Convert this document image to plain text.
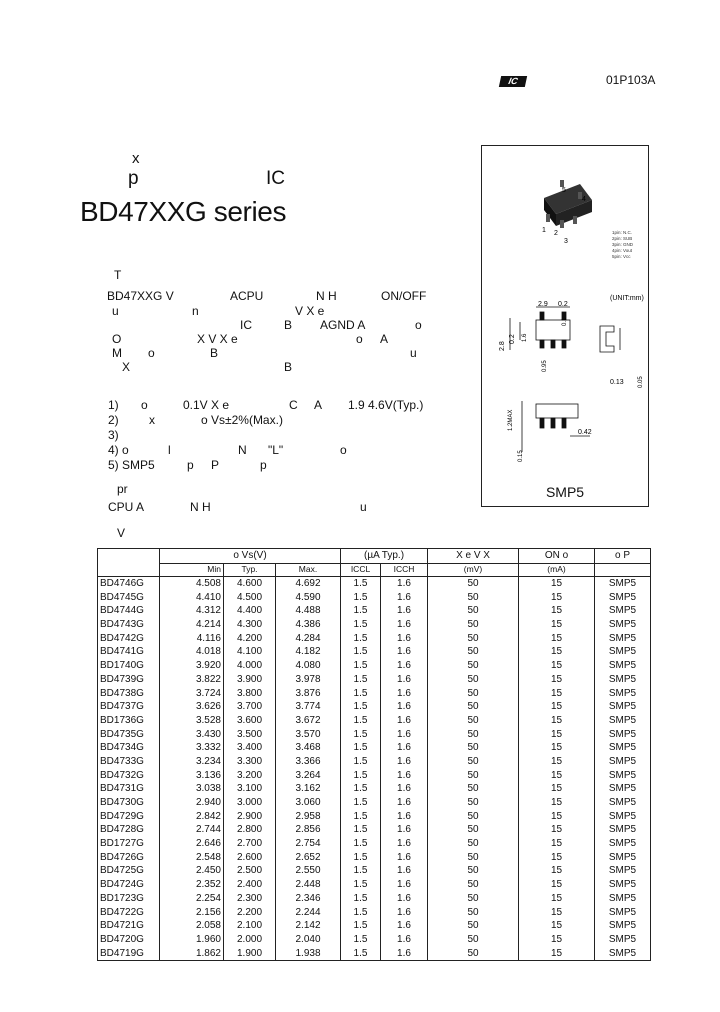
IC	01P103A
x
p	IC
BD47XXG series
T
BD47XXG V	ACPU	N H	ON/OFF
u	n	V X e
IC	B AGND A	o
O	X V X e	o A
M o	B	u
X	B
1) o	0.1V X e	C A 1.9 4.6V(Typ.)
2)	x	o Vs±2%(Max.)
3)
4) o	l	N "L"	o
5) SMP5	p P	p
pr
CPU A	N H	u
V
5
4
1 2
3
1pin: N.C.
2pin: SUB
3pin: GND
4pin: Vout
5pin: Vcc
(UNIT:mm)
2.9 0.2
2.8
0.2 1.6
0.1
0.95
0.13 0.05
1.2MAX
0.42
0.15
SMP5
	o Vs(V)			(µA Typ.)		X e V X	ON o	o P
	Min	Typ.	Max.	ICCL	ICCH	(mV)	(mA)	
BD4746G	4.508	4.600	4.692	1.5	1.6	50	15	SMP5
BD4745G	4.410	4.500	4.590	1.5	1.6	50	15	SMP5
BD4744G	4.312	4.400	4.488	1.5	1.6	50	15	SMP5
BD4743G	4.214	4.300	4.386	1.5	1.6	50	15	SMP5
BD4742G	4.116	4.200	4.284	1.5	1.6	50	15	SMP5
BD4741G	4.018	4.100	4.182	1.5	1.6	50	15	SMP5
BD1740G	3.920	4.000	4.080	1.5	1.6	50	15	SMP5
BD4739G	3.822	3.900	3.978	1.5	1.6	50	15	SMP5
BD4738G	3.724	3.800	3.876	1.5	1.6	50	15	SMP5
BD4737G	3.626	3.700	3.774	1.5	1.6	50	15	SMP5
BD1736G	3.528	3.600	3.672	1.5	1.6	50	15	SMP5
BD4735G	3.430	3.500	3.570	1.5	1.6	50	15	SMP5
BD4734G	3.332	3.400	3.468	1.5	1.6	50	15	SMP5
BD4733G	3.234	3.300	3.366	1.5	1.6	50	15	SMP5
BD4732G	3.136	3.200	3.264	1.5	1.6	50	15	SMP5
BD4731G	3.038	3.100	3.162	1.5	1.6	50	15	SMP5
BD4730G	2.940	3.000	3.060	1.5	1.6	50	15	SMP5
BD4729G	2.842	2.900	2.958	1.5	1.6	50	15	SMP5
BD4728G	2.744	2.800	2.856	1.5	1.6	50	15	SMP5
BD1727G	2.646	2.700	2.754	1.5	1.6	50	15	SMP5
BD4726G	2.548	2.600	2.652	1.5	1.6	50	15	SMP5
BD4725G	2.450	2.500	2.550	1.5	1.6	50	15	SMP5
BD4724G	2.352	2.400	2.448	1.5	1.6	50	15	SMP5
BD1723G	2.254	2.300	2.346	1.5	1.6	50	15	SMP5
BD4722G	2.156	2.200	2.244	1.5	1.6	50	15	SMP5
BD4721G	2.058	2.100	2.142	1.5	1.6	50	15	SMP5
BD4720G	1.960	2.000	2.040	1.5	1.6	50	15	SMP5
BD4719G	1.862	1.900	1.938	1.5	1.6	50	15	SMP5
